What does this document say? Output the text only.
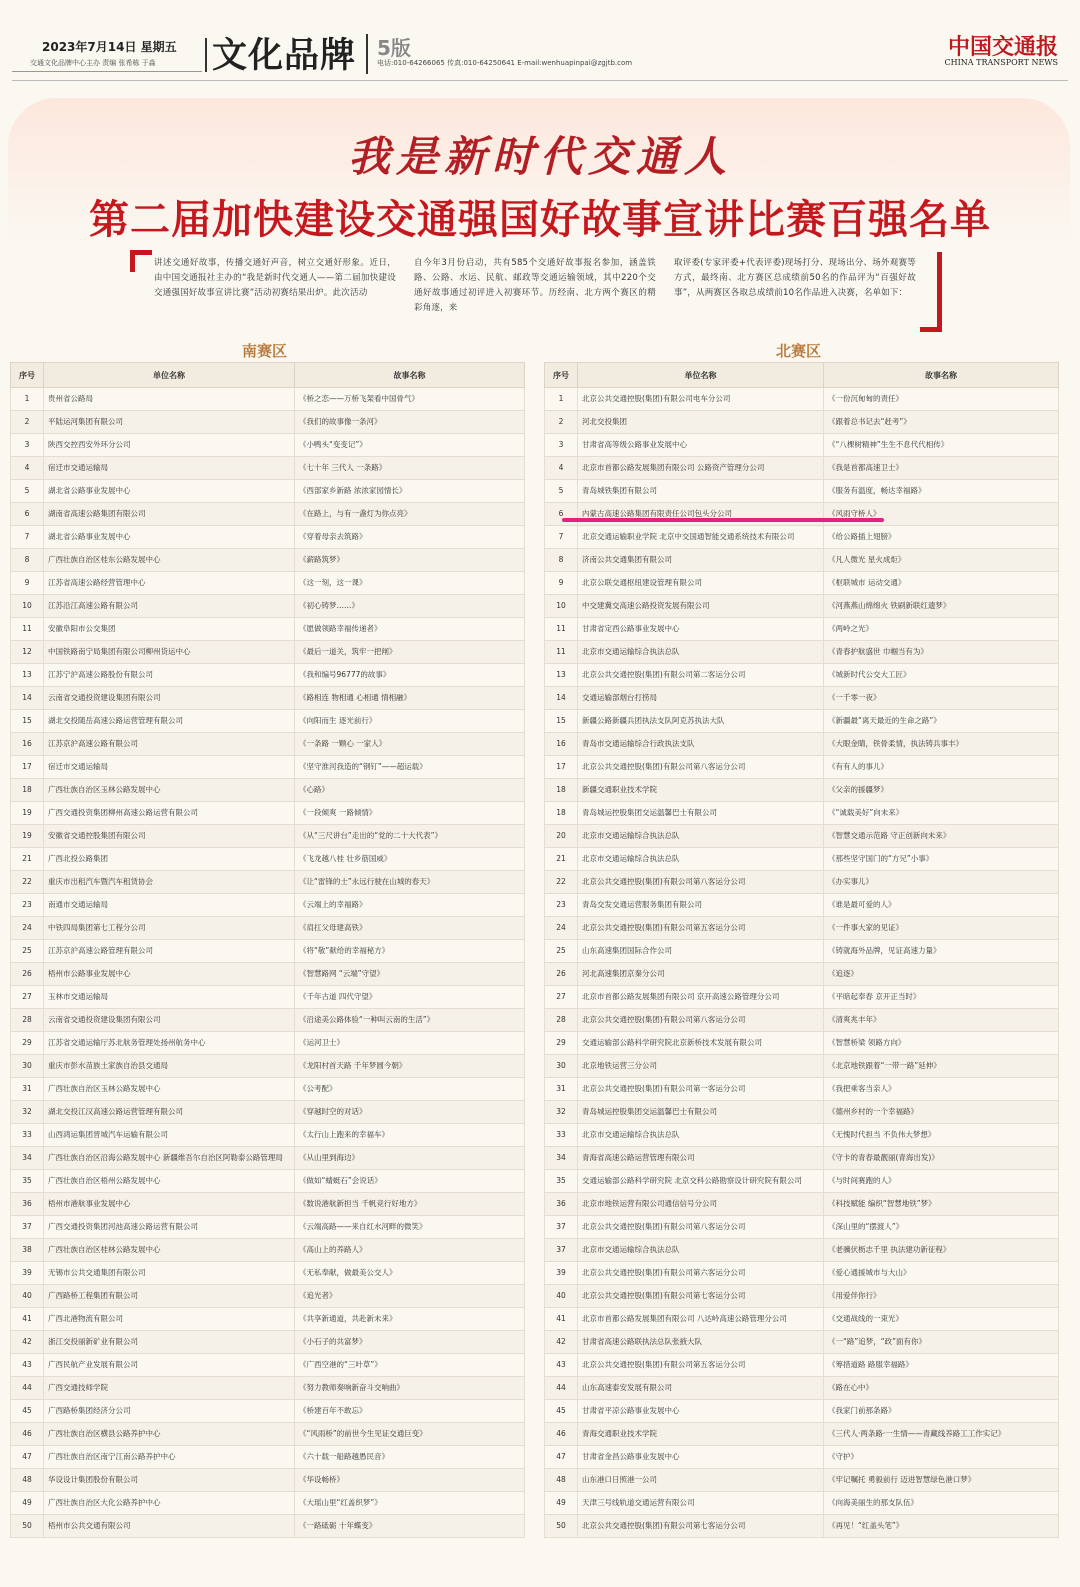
2023年7月14日 星期五
交通文化品牌中心主办 责编 张希栋 于淼 文化品牌 5版
电话:010-64266065 传真:010-64250641 E-mail:wenhuapinpai@zgjtb.com
中国交通报
CHINA TRANSPORT NEWS
我是新时代交通人
第二届加快建设交通强国好故事宣讲比赛百强名单
讲述交通好故事，传播交通好声音，树立交通好形象。近日，由中国交通报社主办的“我是新时代交通人——第二届加快建设交通强国好故事宣讲比赛”活动初赛结果出炉。此次活动
自今年3月份启动，共有585个交通好故事报名参加，涵盖铁路、公路、水运、民航、邮政等交通运输领域，其中220个交通好故事通过初评进入初赛环节。历经南、北方两个赛区的精彩角逐，来
取评委(专家评委+代表评委)现场打分、现场出分、场外观赛等方式，最终南、北方赛区总成绩前50名的作品评为“百强好故事”，从两赛区各取总成绩前10名作品进入决赛，名单如下：
南赛区	北赛区
序号	单位名称	故事名称
1	贵州省公路局	《桥之恋——万桥飞架看中国骨气》
2	平陆运河集团有限公司	《我们的故事像一条河》
3	陕西交控西安外环分公司	《小鸭头“变变记”》
4	宿迁市交通运输局	《七十年 三代人 一条路》
5	湖北省公路事业发展中心	《西部家乡新路 浓浓家园情长》
6	湖南省高速公路集团有限公司	《在路上，与有一盏灯为你点亮》
7	湖北省公路事业发展中心	《穿着母亲去筑路》
8	广西壮族自治区桂东公路发展中心	《薪路筑梦》
9	江苏省高速公路经营管理中心	《这一刻，这一课》
10	江苏沿江高速公路有限公司	《初心铸梦……》
11	安徽阜阳市公交集团	《愿做领路幸福传递者》
12	中国铁路南宁局集团有限公司柳州货运中心	《最后一道关，筑牢一把闸》
13	江苏宁沪高速公路股份有限公司	《我和编号96777的故事》
14	云南省交通投资建设集团有限公司	《路相连 物相通 心相通 情相融》
15	湖北交投随岳高速公路运营管理有限公司	《向阳而生 逐光前行》
16	江苏京沪高速公路有限公司	《一条路 一颗心 一家人》
17	宿迁市交通运输局	《坚守淮河我造的“钢钉”——超运载》
18	广西壮族自治区玉林公路发展中心	《心路》
19	广西交通投资集团柳州高速公路运营有限公司	《一段倾爽 一路倾情》
19	安徽省交通控股集团有限公司	《从“三尺讲台”走出的“党的二十大代表”》
21	广西北投公路集团	《飞龙越八桂 壮乡筋国威》
22	重庆市出租汽车暨汽车租赁协会	《让“雷锋的士”永远行驶在山城的春天》
23	南通市交通运输局	《云端上的幸福路》
24	中铁四局集团第七工程分公司	《肩扛父母建高铁》
25	江苏京沪高速公路管理有限公司	《将“敬”献给的幸福秘方》
26	梧州市公路事业发展中心	《智慧路网 “云端”守望》
27	玉林市交通运输局	《千年古道 四代守望》
28	云南省交通投资建设集团有限公司	《沿途美公路体验“一种叫云南的生活”》
29	江苏省交通运输厅苏北航务管理处扬州航务中心	《运河卫士》
30	重庆市彭水苗族土家族自治县交通局	《龙阳村首天路 千年梦圆今朝》
31	广西壮族自治区玉林公路发展中心	《公考配》
32	湖北交投江汉高速公路运营管理有限公司	《穿越时空的对话》
33	山西鸿运集团晋城汽车运输有限公司	《太行山上跑来的幸福车》
34	广西壮族自治区沿海公路发展中心 新疆维吾尔自治区阿勒泰公路管理局	《从山里到海边》
35	广西壮族自治区梧州公路发展中心	《做如“蜻蜓石”会说话》
36	梧州市港航事业发展中心	《数说港航新担当 千帆竞行好地方》
37	广西交通投资集团河池高速公路运营有限公司	《云端高路——来自红水河畔的微笑》
38	广西壮族自治区桂林公路发展中心	《高山上的养路人》
39	无锡市公共交通集团有限公司	《无私奉献，做最美公交人》
40	广西路桥工程集团有限公司	《追光者》
41	广西北港物流有限公司	《共享新通道，共赴新未来》
42	浙江交投丽新矿业有限公司	《小石子的共富梦》
43	广西民航产业发展有限公司	《广西空港的“三叶草”》
44	广西交通技师学院	《努力教师奏响新奋斗交响曲》
45	广西路桥集团经济分公司	《桥建百年不敢忘》
46	广西壮族自治区横县公路养护中心	《“风雨桥”的前世今生见证交通巨变》
47	广西壮族自治区南宁江南公路养护中心	《六十载一船路越愚民音》
48	华设设计集团股份有限公司	《华设畅桥》
49	广西壮族自治区大化公路养护中心	《大瑶山里“红盖织梦”》
50	梧州市公共交通有限公司	《一路砥砺 十年蝶变》
序号	单位名称	故事名称
1	北京公共交通控股(集团)有限公司电车分公司	《一份沉甸甸的责任》
2	河北交投集团	《跟着总书记去“赶考”》
3	甘肃省高等级公路事业发展中心	《“八棵树精神”生生不息代代相传》
4	北京市首都公路发展集团有限公司 公路资产管理分公司	《我是首都高速卫士》
5	青岛城铁集团有限公司	《服务有温度，畅达幸福路》
6	内蒙古高速公路集团有限责任公司包头分公司	《风雨守桥人》
7	北京交通运输职业学院 北京中交国通智能交通系统技术有限公司	《给公路插上翅膀》
8	济南公共交通集团有限公司	《凡人微光 星火成炬》
9	北京公联交通枢纽建设管理有限公司	《枢联城市 运动交通》
10	中交建冀交高速公路投资发展有限公司	《河燕燕山绵绵火 铁刷新联红遗梦》
11	甘肃省定西公路事业发展中心	《两岭之光》
11	北京市交通运输综合执法总队	《青春护航盛世 巾帼当有为》
13	北京公共交通控股(集团)有限公司第二客运分公司	《城新时代公交大工匠》
14	交通运输部烟台打捞局	《一千零一夜》
15	新疆公路新疆兵团执法支队阿克苏执法大队	《新疆最“离天最近的生命之路”》
16	青岛市交通运输综合行政执法支队	《大眼金睛，铁骨柔情，执法铸兵事丰》
17	北京公共交通控股(集团)有限公司第八客运分公司	《有有人的事儿》
18	新疆交通职业技术学院	《父亲的援疆梦》
18	青岛城运控股集团交运温馨巴士有限公司	《“诚载美好”向未来》
20	北京市交通运输综合执法总队	《智慧交通示范路 守正创新向未来》
21	北京市交通运输综合执法总队	《那些坚守国门的“方兄”小事》
22	北京公共交通控股(集团)有限公司第八客运分公司	《办实事儿》
23	青岛交发交通运营服务集团有限公司	《谁是最可爱的人》
24	北京公共交通控股(集团)有限公司第五客运分公司	《一件事大家的见证》
25	山东高速集团国际合作公司	《铸就海外品牌，见证高速力量》
26	河北高速集团京秦分公司	《追逐》
27	北京市首都公路发展集团有限公司 京开高速公路管理分公司	《平暗起奉春 京开正当时》
28	北京公共交通控股(集团)有限公司第八客运分公司	《清爽兆丰年》
29	交通运输部公路科学研究院北京新桥技术发展有限公司	《智慧桥梁 领路方向》
30	北京地铁运营三分公司	《北京地铁跟着“一带一路”延伸》
31	北京公共交通控股(集团)有限公司第一客运分公司	《我把乘客当亲人》
32	青岛城运控股集团交运温馨巴士有限公司	《德州乡村的一个幸福路》
33	北京市交通运输综合执法总队	《无愧时代担当 不负伟大梦想》
34	青海省高速公路运营管理有限公司	《守卡的青春最靓丽(青海出发)》
35	交通运输部公路科学研究院 北京交科公路勘察设计研究院有限公司	《与时间赛跑的人》
36	北京市地铁运营有限公司通信信号分公司	《科技赋能 编织“智慧地铁”梦》
37	北京公共交通控股(集团)有限公司第八客运分公司	《深山里的“摆渡人”》
37	北京市交通运输综合执法总队	《老骥伏枥志千里 执法建功新征程》
39	北京公共交通控股(集团)有限公司第六客运分公司	《爱心通援城市与大山》
40	北京公共交通控股(集团)有限公司第七客运分公司	《用爱伴你行》
41	北京市首都公路发展集团有限公司 八达岭高速公路管理分公司	《交通战线的一束光》
42	甘肃省高速公路联执法总队张掖大队	《一“路”追梦，“政”面有你》
43	北京公共交通控股(集团)有限公司第五客运分公司	《筹措道路 路服幸福路》
44	山东高速泰安发展有限公司	《路在心中》
45	甘肃省平凉公路事业发展中心	《我家门前那条路》
46	青海交通职业技术学院	《三代人·两条路·一生情——青藏线养路工工作实记》
47	甘肃省金昌公路事业发展中心	《守护》
48	山东港口日照港一公司	《牢记嘱托 勇毅前行 迈进智慧绿色港口梦》
49	天津三号线轨道交通运营有限公司	《向海美丽生的那支队伍》
50	北京公共交通控股(集团)有限公司第七客运分公司	《再见！“红盖头笔”》
